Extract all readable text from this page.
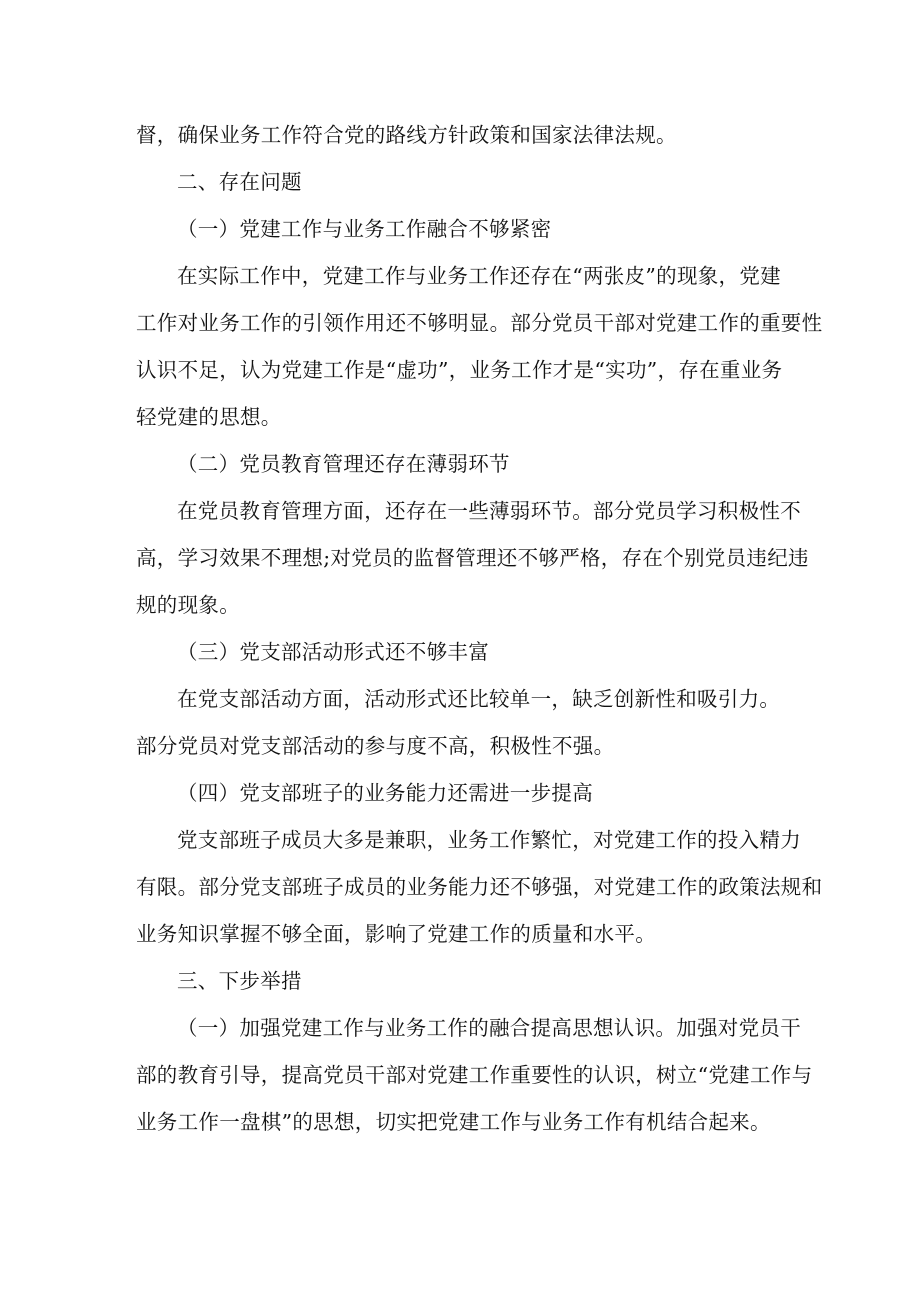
督，确保业务工作符合党的路线方针政策和国家法律法规。
二、存在问题
（一）党建工作与业务工作融合不够紧密
在实际工作中，党建工作与业务工作还存在“两张皮”的现象，党建
工作对业务工作的引领作用还不够明显。部分党员干部对党建工作的重要性
认识不足，认为党建工作是“虚功”，业务工作才是“实功”，存在重业务
轻党建的思想。
（二）党员教育管理还存在薄弱环节
在党员教育管理方面，还存在一些薄弱环节。部分党员学习积极性不
高，学习效果不理想;对党员的监督管理还不够严格，存在个别党员违纪违
规的现象。
（三）党支部活动形式还不够丰富
在党支部活动方面，活动形式还比较单一，缺乏创新性和吸引力。
部分党员对党支部活动的参与度不高，积极性不强。
（四）党支部班子的业务能力还需进一步提高
党支部班子成员大多是兼职，业务工作繁忙，对党建工作的投入精力
有限。部分党支部班子成员的业务能力还不够强，对党建工作的政策法规和
业务知识掌握不够全面，影响了党建工作的质量和水平。
三、下步举措
（一）加强党建工作与业务工作的融合提高思想认识。加强对党员干
部的教育引导，提高党员干部对党建工作重要性的认识，树立“党建工作与
业务工作一盘棋”的思想，切实把党建工作与业务工作有机结合起来。
